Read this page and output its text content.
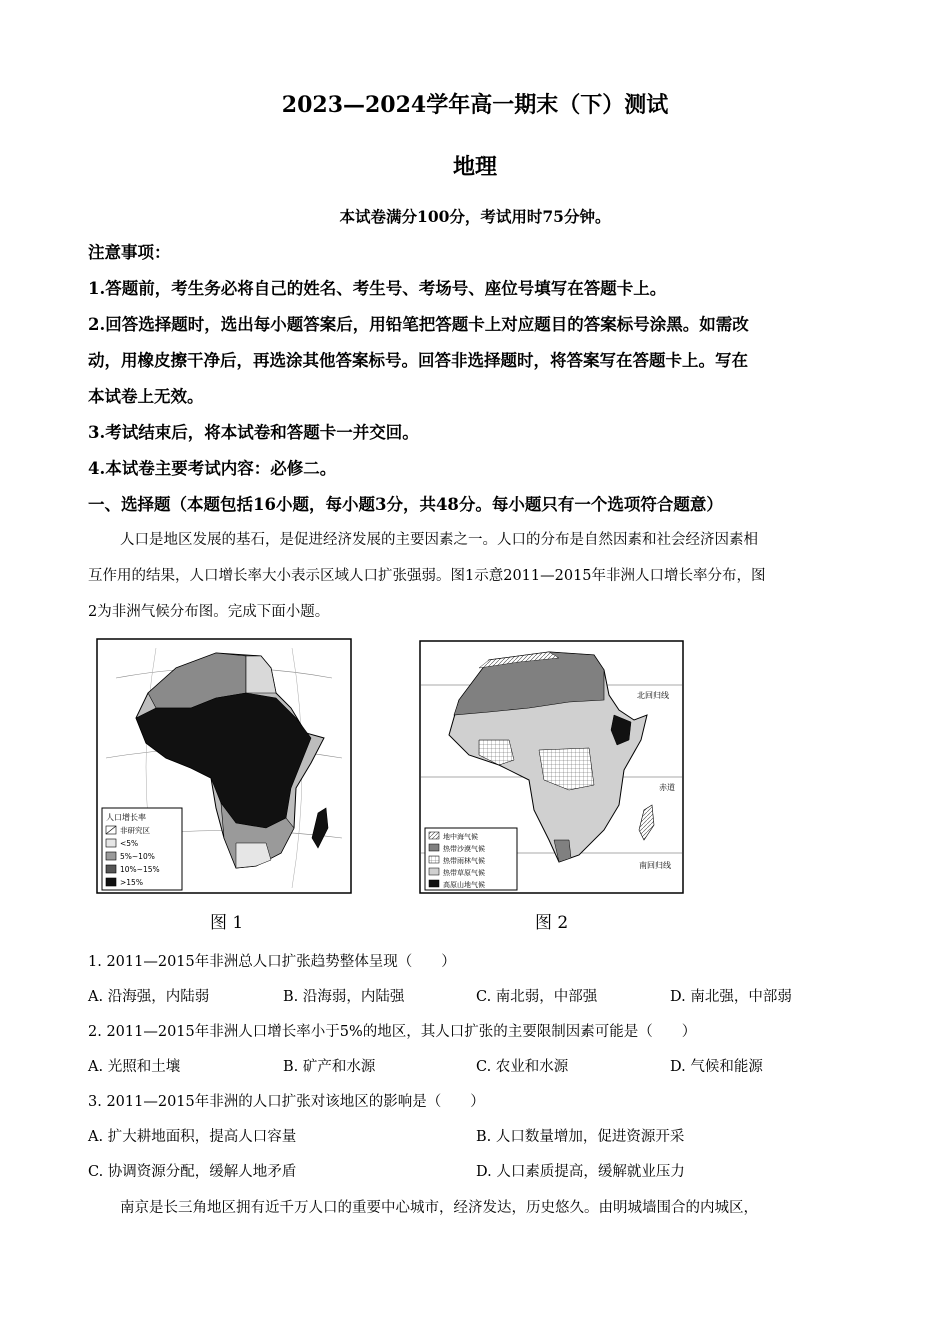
2023—2024学年高一期末（下）测试
地理
本试卷满分100分，考试用时75分钟。
注意事项：
1.答题前，考生务必将自己的姓名、考生号、考场号、座位号填写在答题卡上。
2.回答选择题时，选出每小题答案后，用铅笔把答题卡上对应题目的答案标号涂黑。如需改
动，用橡皮擦干净后，再选涂其他答案标号。回答非选择题时，将答案写在答题卡上。写在
本试卷上无效。
3.考试结束后，将本试卷和答题卡一并交回。
4.本试卷主要考试内容：必修二。
一、选择题（本题包括16小题，每小题3分，共48分。每小题只有一个选项符合题意）
人口是地区发展的基石，是促进经济发展的主要因素之一。人口的分布是自然因素和社会经济因素相
互作用的结果，人口增长率大小表示区域人口扩张强弱。图1示意2011—2015年非洲人口增长率分布，图
2为非洲气候分布图。完成下面小题。
人口增长率
非研究区
<5%
5%~10%
10%~15%
>15%
图 1
北回归线
赤道
南回归线
地中海气候
热带沙漠气候
热带雨林气候
热带草原气候
高原山地气候
图 2
1. 2011—2015年非洲总人口扩张趋势整体呈现（　　）
A. 沿海强，内陆弱	B. 沿海弱，内陆强	C. 南北弱，中部强	D. 南北强，中部弱
2. 2011—2015年非洲人口增长率小于5%的地区，其人口扩张的主要限制因素可能是（　　）
A. 光照和土壤	B. 矿产和水源	C. 农业和水源	D. 气候和能源
3. 2011—2015年非洲的人口扩张对该地区的影响是（　　）
A. 扩大耕地面积，提高人口容量	B. 人口数量增加，促进资源开采
C. 协调资源分配，缓解人地矛盾	D. 人口素质提高，缓解就业压力
南京是长三角地区拥有近千万人口的重要中心城市，经济发达，历史悠久。由明城墙围合的内城区，
